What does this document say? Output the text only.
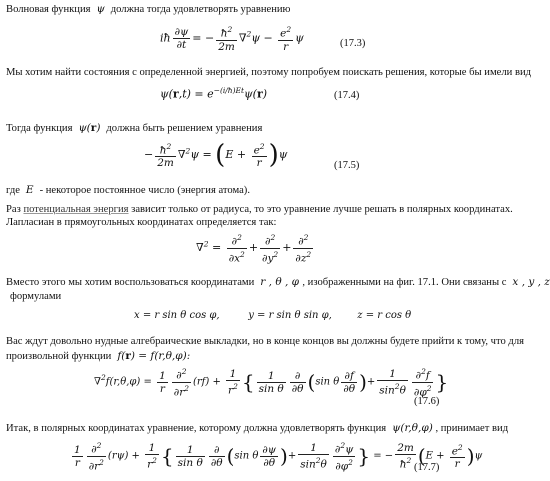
Волновая функция  ψ  должна тогда удовлетворять уравнению
iħ $\frac{\partial\psi}{\partial t}$ = − $\frac{ħ^2}{2m} \nabla^2\psi - \frac{e^2}{r}$ ψ	(17.3)
Мы хотим найти состояния с определенной энергией, поэтому попробуем поискать решения, которые бы имели вид
$\psi(r,t) = e^{-(i/ħ)Et}\psi(r)$	(17.4)
Тогда функция  ψ(r)  должна быть решением уравнения
− $\frac{ħ^2}{2m} \nabla^2\psi = (E + \frac{e^2}{r} )\psi$
(17.5)
где  E  - некоторое постоянное число (энергия атома).
Раз потенциальная энергия зависит только от радиуса, то это уравнение лучше решать в полярных координатах.
Лапласиан в прямоугольных координатах определяется так:
$\nabla^2 = \frac{\partial^2}{\partial x^2} + \frac{\partial^2}{\partial y^2} + \frac{\partial^2}{\partial z^2}$
Вместо этого мы хотим воспользоваться координатами  r , θ , φ , изображенными на фиг. 17.1. Они связаны с  x , y , z
формулами
x = r sin θ cos φ,         y = r sin θ sin φ,        z = r cos θ
Вас ждут довольно нудные алгебраические выкладки, но в конце концов вы должны будете прийти к тому, что для
произвольной функции  f(r) = f(r,θ,φ):
$\nabla^2f(r,\theta,\varphi) = \frac{1}{r} \frac{\partial^2}{\partial r^2} (rf) + \frac{1}{r^2}$ { $\frac{1}{\text{sin θ}} \frac{\partial}{\partial\theta} (\sin$ θ $\frac{\partial f}{\partial\theta}$ )+ $\frac{1}{\sin^2\theta} \frac{\partial^2f}{\partial\varphi^2}$ }
(17.6)
Итак, в полярных координатах уравнение, которому должна удовлетворять функция  ψ(r,θ,φ) , принимает вид
$\frac{1}{r} \frac{\partial^2}{\partial r^2} (r\psi) + \frac{1}{r^2}$ { $\frac{1}{\text{sin θ}} \frac{\partial}{\partial\theta} (\sin$ θ $\frac{\partial\psi}{\partial\theta}$ )+ $\frac{1}{\sin^2\theta} \frac{\partial^2\psi}{\partial\varphi^2}$ } = − $\frac{2m}{ħ^2} (E + \frac{e^2}{r} )\psi$
(17.7)
